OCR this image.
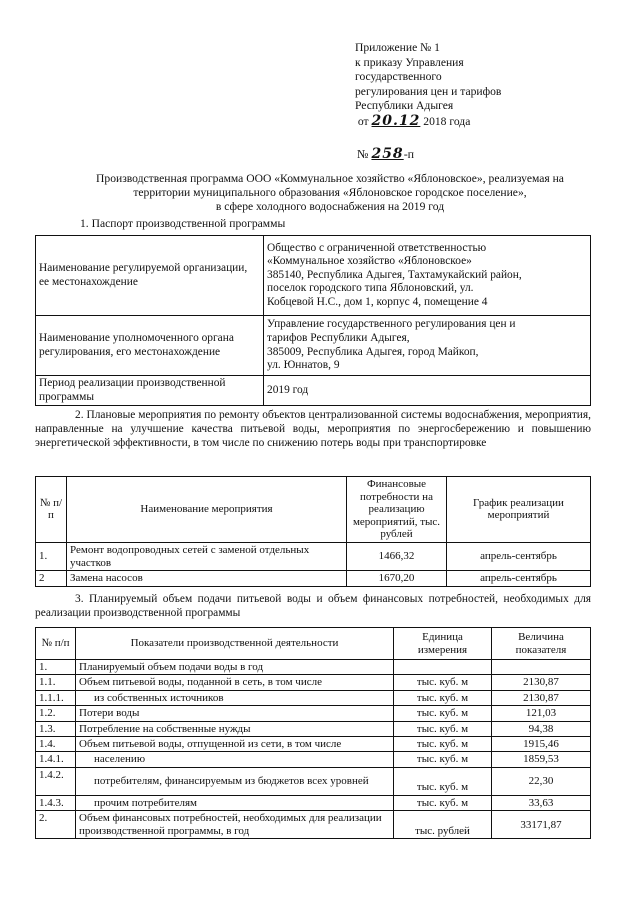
Приложение № 1
к приказу Управления
государственного
регулирования цен и тарифов
Республики Адыгея
от 20.12 2018 года
№ 258-п
Производственная программа ООО «Коммунальное хозяйство «Яблоновское», реализуемая на
территории муниципального образования «Яблоновское городское поселение»,
в сфере холодного водоснабжения на 2019 год
1. Паспорт производственной программы
Наименование регулируемой организации, ее местонахождение	Общество с ограниченной ответственностью
«Коммунальное хозяйство «Яблоновское»
385140, Республика Адыгея, Тахтамукайский район,
поселок городского типа Яблоновский, ул.
Кобцевой Н.С., дом 1, корпус 4, помещение 4

Наименование уполномоченного органа регулирования, его местонахождение	Управление государственного регулирования цен и
тарифов Республики Адыгея,
385009, Республика Адыгея, город Майкоп,
ул. Юннатов, 9

Период реализации производственной программы	2019 год
2. Плановые мероприятия по ремонту объектов централизованной системы водоснабжения, мероприятия, направленные на улучшение качества питьевой воды, мероприятия по энергосбережению и повышению энергетической эффективности, в том числе по снижению потерь воды при транспортировке
№ п/п	Наименование мероприятия	Финансовые потребности на реализацию мероприятий, тыс. рублей	График реализации мероприятий
1.	Ремонт водопроводных сетей с заменой отдельных участков	1466,32	апрель-сентябрь
2	Замена насосов	1670,20	апрель-сентябрь
3. Планируемый объем подачи питьевой воды и объем финансовых потребностей, необходимых для реализации производственной программы
№ п/п	Показатели производственной деятельности	Единица измерения	Величина показателя
1.	Планируемый объем подачи воды в год		
1.1.	Объем питьевой воды, поданной в сеть, в том числе	тыс. куб. м	2130,87
1.1.1.	из собственных источников	тыс. куб. м	2130,87
1.2.	Потери воды	тыс. куб. м	121,03
1.3.	Потребление на собственные нужды	тыс. куб. м	94,38
1.4.	Объем питьевой воды, отпущенной из сети, в том числе	тыс. куб. м	1915,46
1.4.1.	населению	тыс. куб. м	1859,53
1.4.2.	потребителям, финансируемым из бюджетов всех уровней	тыс. куб. м	22,30
1.4.3.	прочим потребителям	тыс. куб. м	33,63
2.	Объем финансовых потребностей, необходимых для реализации производственной программы, в год	тыс. рублей	33171,87
